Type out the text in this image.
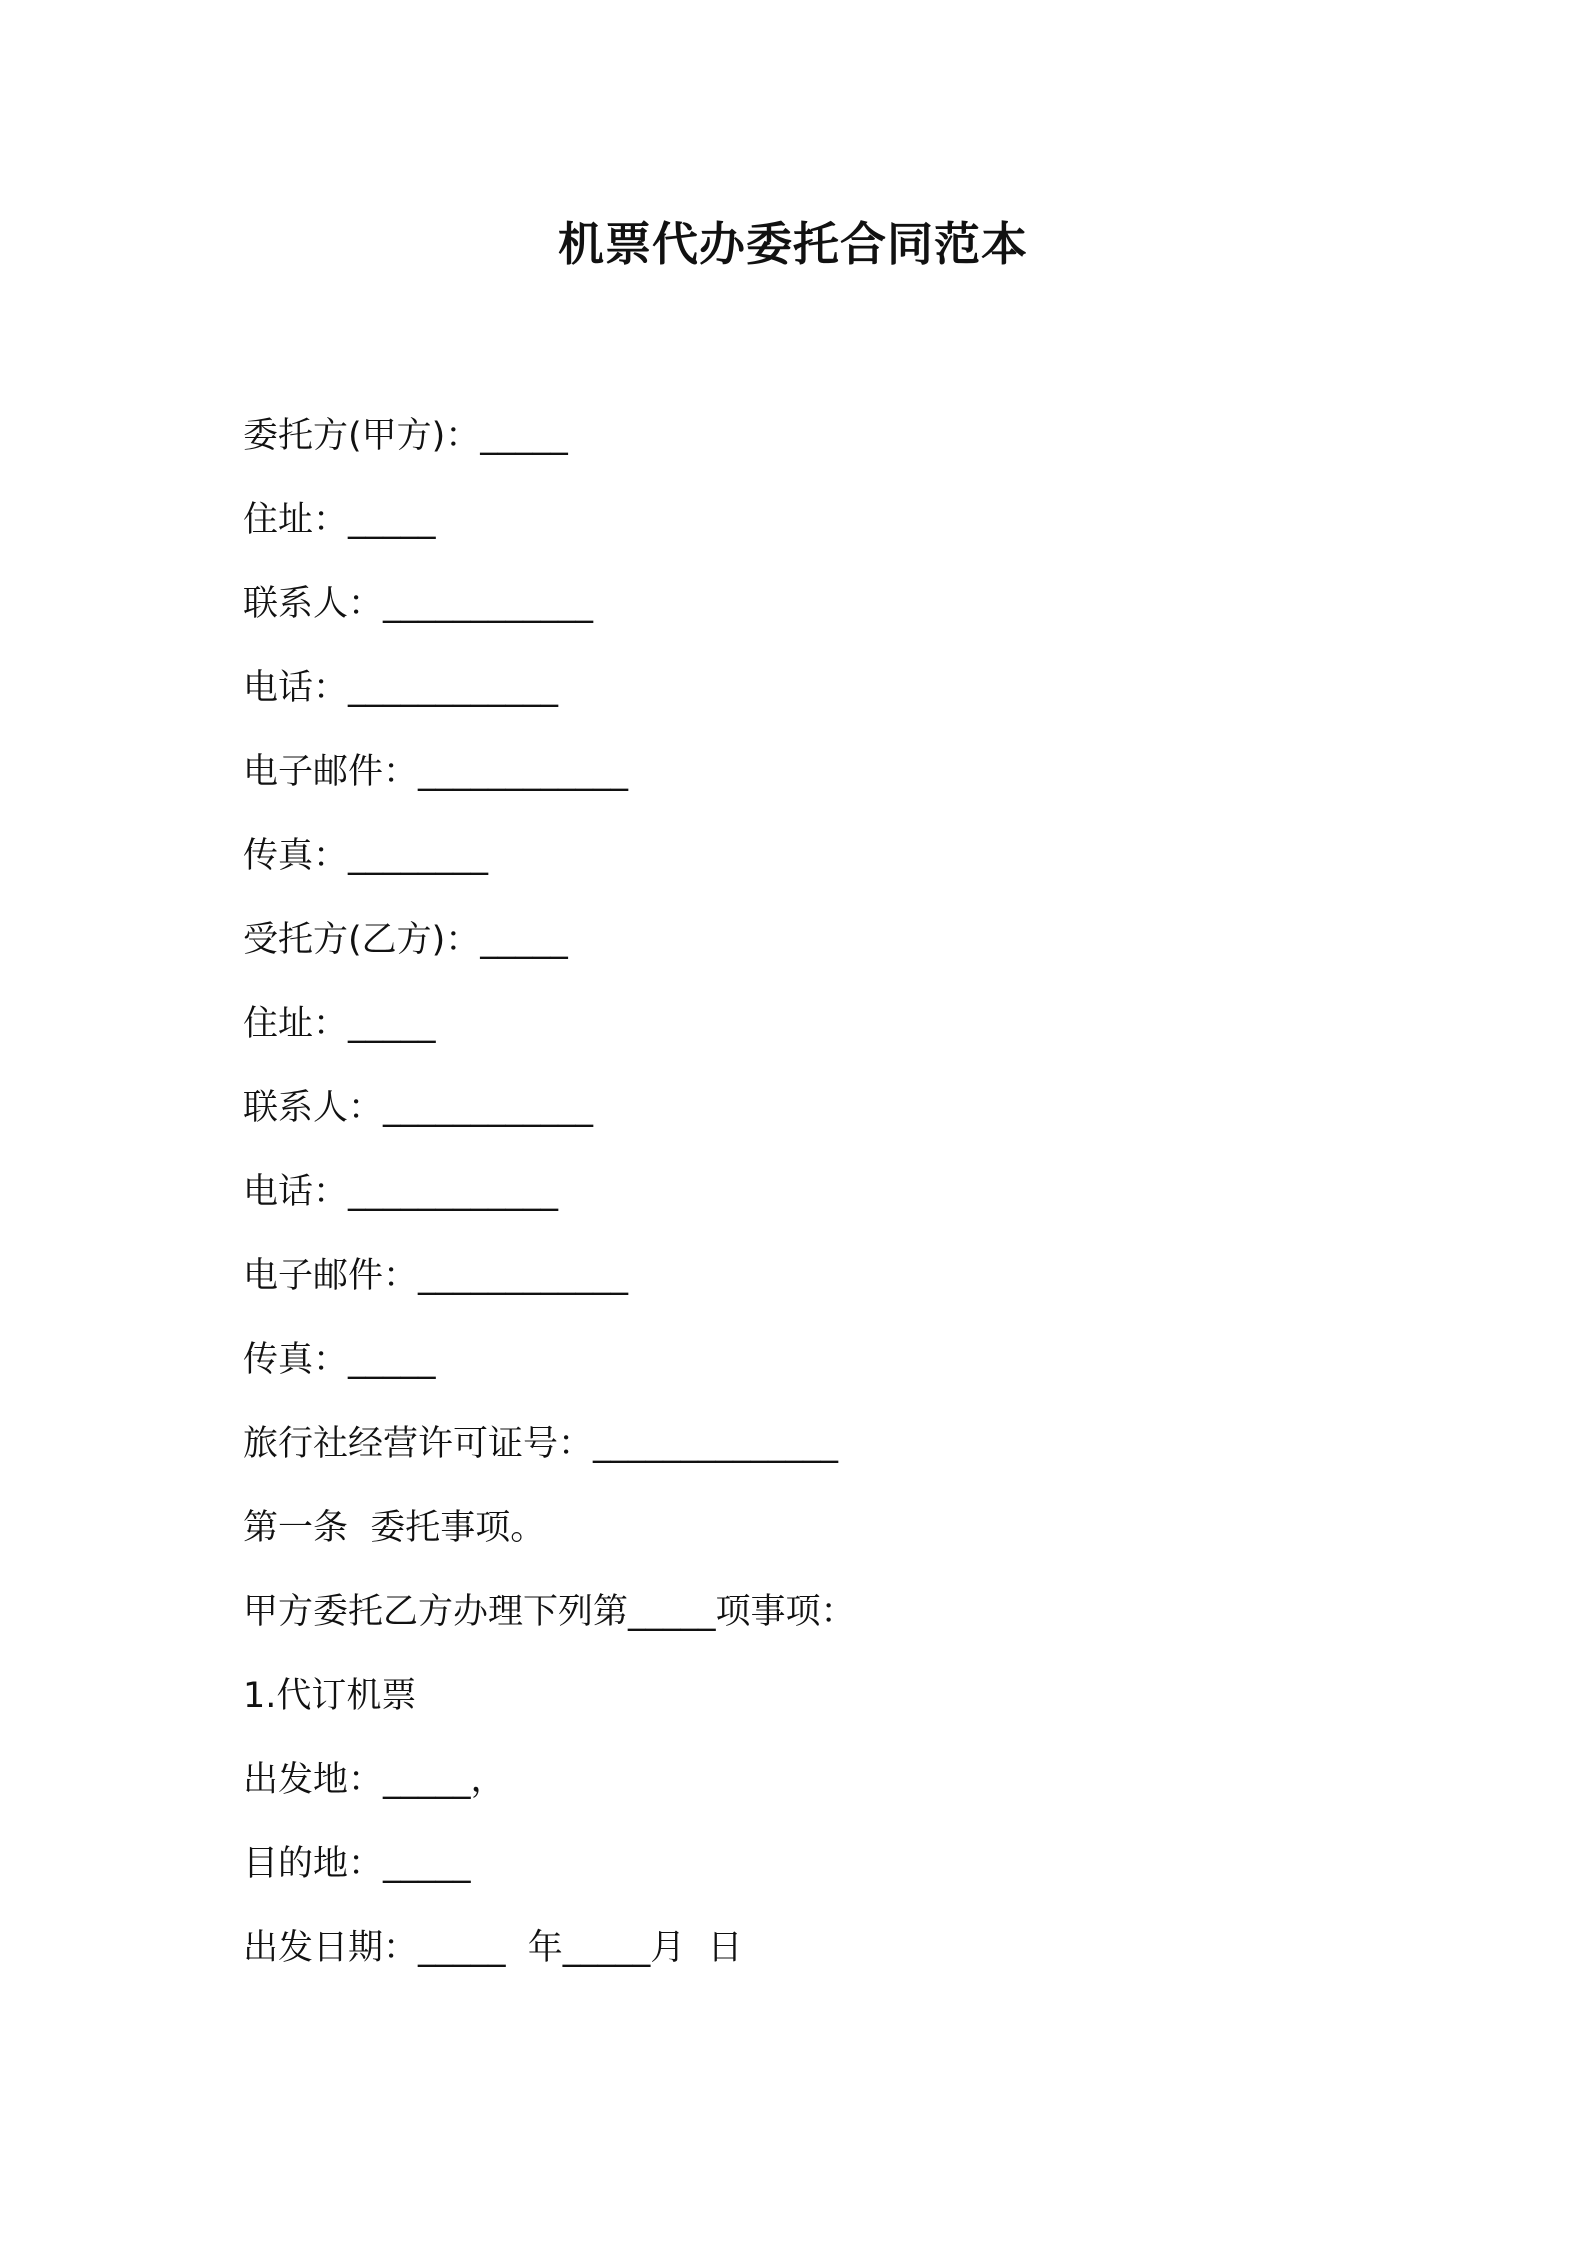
机票代办委托合同范本
委托方(甲方)：_____
住址：_____
联系人：____________
电话：____________
电子邮件：____________
传真：________
受托方(乙方)：_____
住址：_____
联系人：____________
电话：____________
电子邮件：____________
传真：_____
旅行社经营许可证号：______________
第一条  委托事项。
甲方委托乙方办理下列第_____项事项：
1.代订机票
出发地：_____，
目的地：_____
出发日期：_____  年_____月  日
